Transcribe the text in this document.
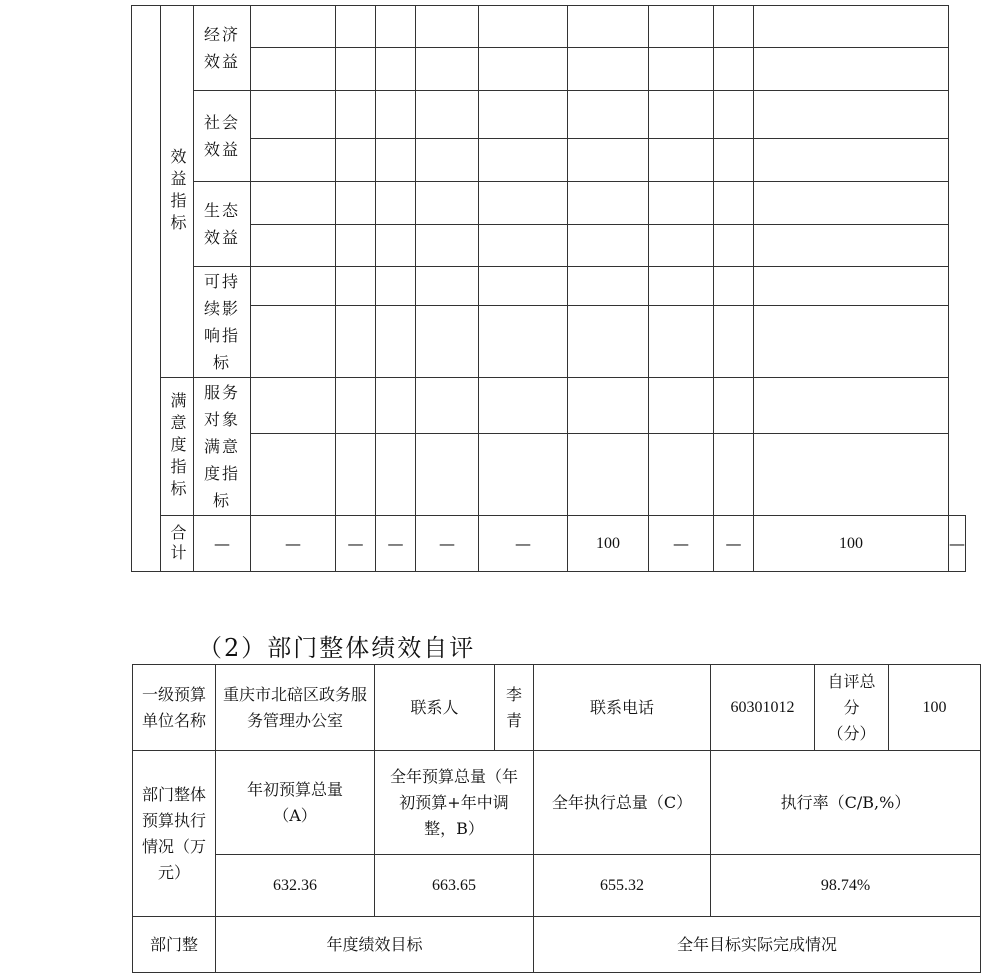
	效益指标	经济效益										

		社会效益										

		生态效益										

		可持续影响指标										

	满意度指标	服务对象满意度指标										

	合计	—	—	—	—	—	—	100	—	—	100	—
（2）部门整体绩效自评
一级预算单位名称	重庆市北碚区政务服务管理办公室	联系人	李青	联系电话	60301012	自评总分（分）	100

部门整体预算执行情况（万元）	年初预算总量（A）	全年预算总量（年初预算+年中调整，B）		全年执行总量（C）	执行率（C/B,%）		
	632.36	663.65		655.32	98.74%		
部门整	年度绩效目标			全年目标实际完成情况			
